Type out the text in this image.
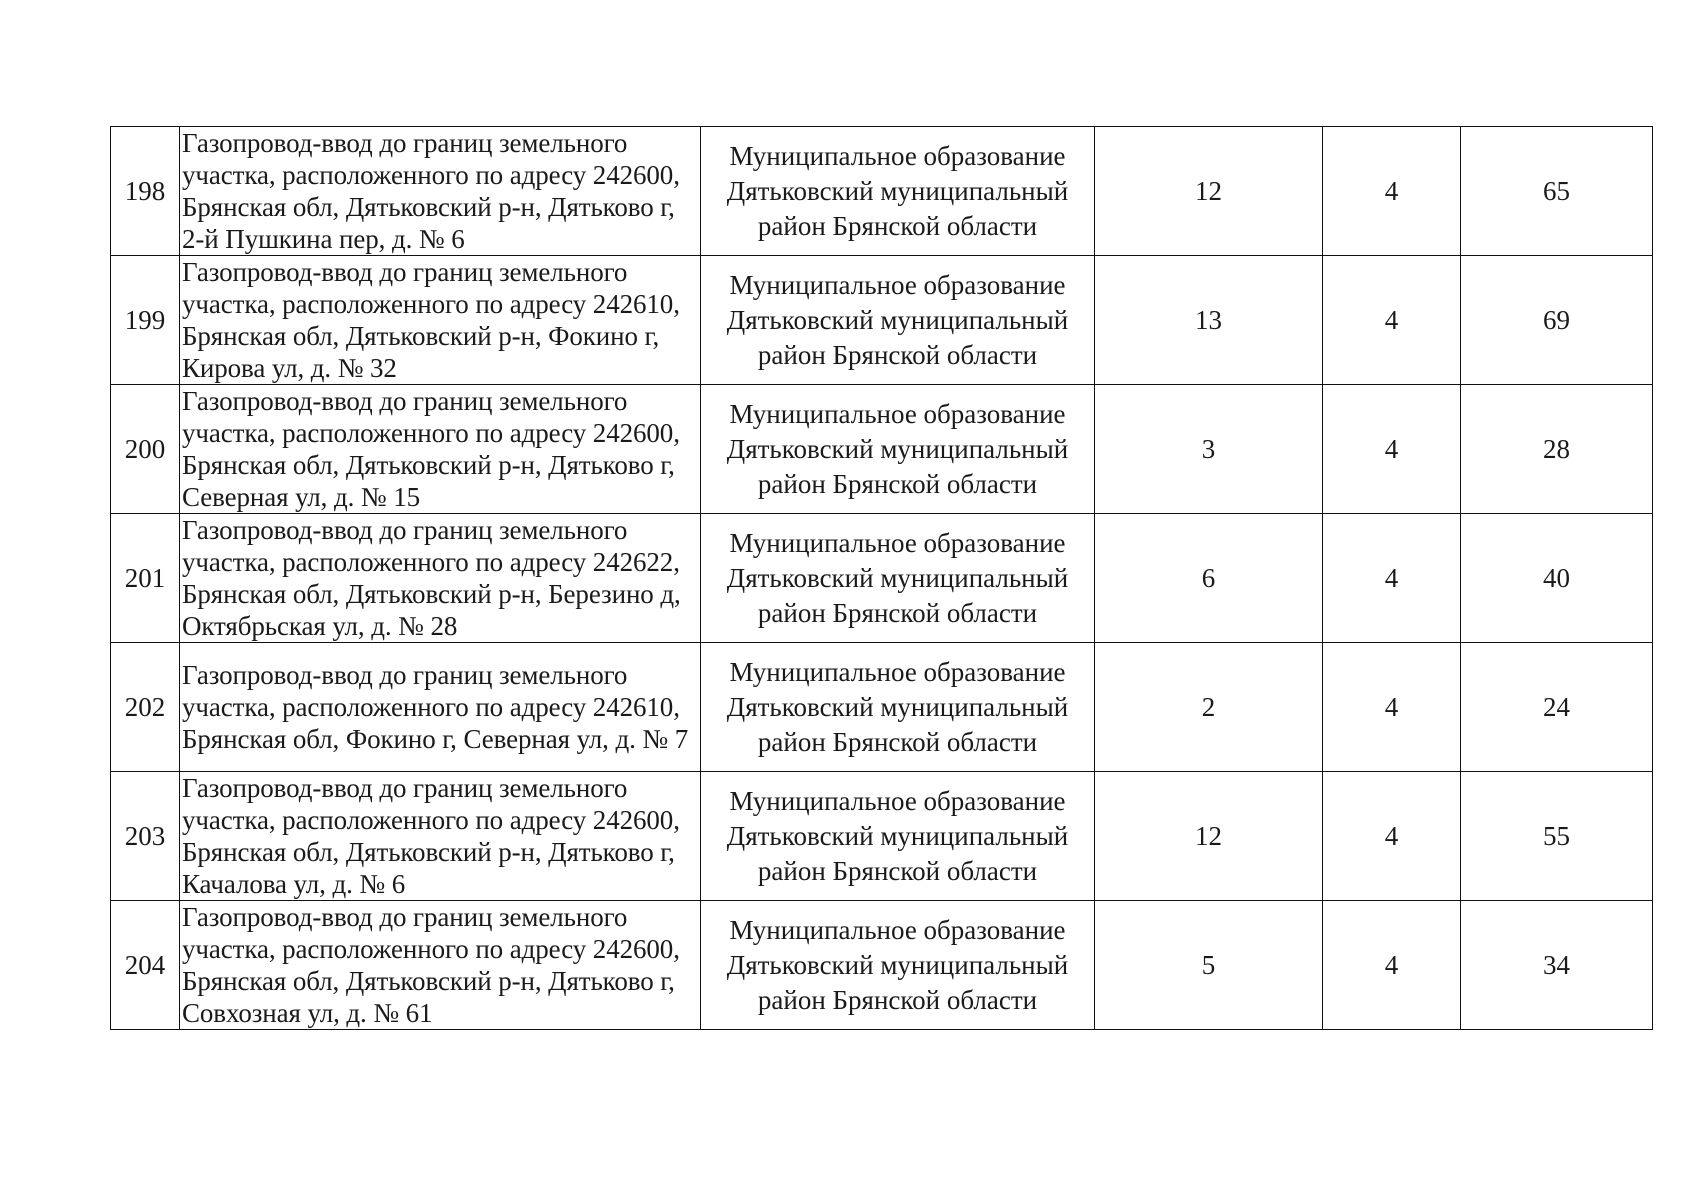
198	Газопровод-ввод до границ земельного участка, расположенного по адресу 242600, Брянская обл, Дятьковский р-н, Дятьково г, 2-й Пушкина пер, д. № 6	Муниципальное образование Дятьковский муниципальный район Брянской области	12	4	65
199	Газопровод-ввод до границ земельного участка, расположенного по адресу 242610, Брянская обл, Дятьковский р-н, Фокино г, Кирова ул, д. № 32	Муниципальное образование Дятьковский муниципальный район Брянской области	13	4	69
200	Газопровод-ввод до границ земельного участка, расположенного по адресу 242600, Брянская обл, Дятьковский р-н, Дятьково г, Северная ул, д. № 15	Муниципальное образование Дятьковский муниципальный район Брянской области	3	4	28
201	Газопровод-ввод до границ земельного участка, расположенного по адресу 242622, Брянская обл, Дятьковский р-н, Березино д, Октябрьская ул, д. № 28	Муниципальное образование Дятьковский муниципальный район Брянской области	6	4	40
202	Газопровод-ввод до границ земельного участка, расположенного по адресу 242610, Брянская обл, Фокино г, Северная ул, д. № 7	Муниципальное образование Дятьковский муниципальный район Брянской области	2	4	24
203	Газопровод-ввод до границ земельного участка, расположенного по адресу 242600, Брянская обл, Дятьковский р-н, Дятьково г, Качалова ул, д. № 6	Муниципальное образование Дятьковский муниципальный район Брянской области	12	4	55
204	Газопровод-ввод до границ земельного участка, расположенного по адресу 242600, Брянская обл, Дятьковский р-н, Дятьково г, Совхозная ул, д. № 61	Муниципальное образование Дятьковский муниципальный район Брянской области	5	4	34
